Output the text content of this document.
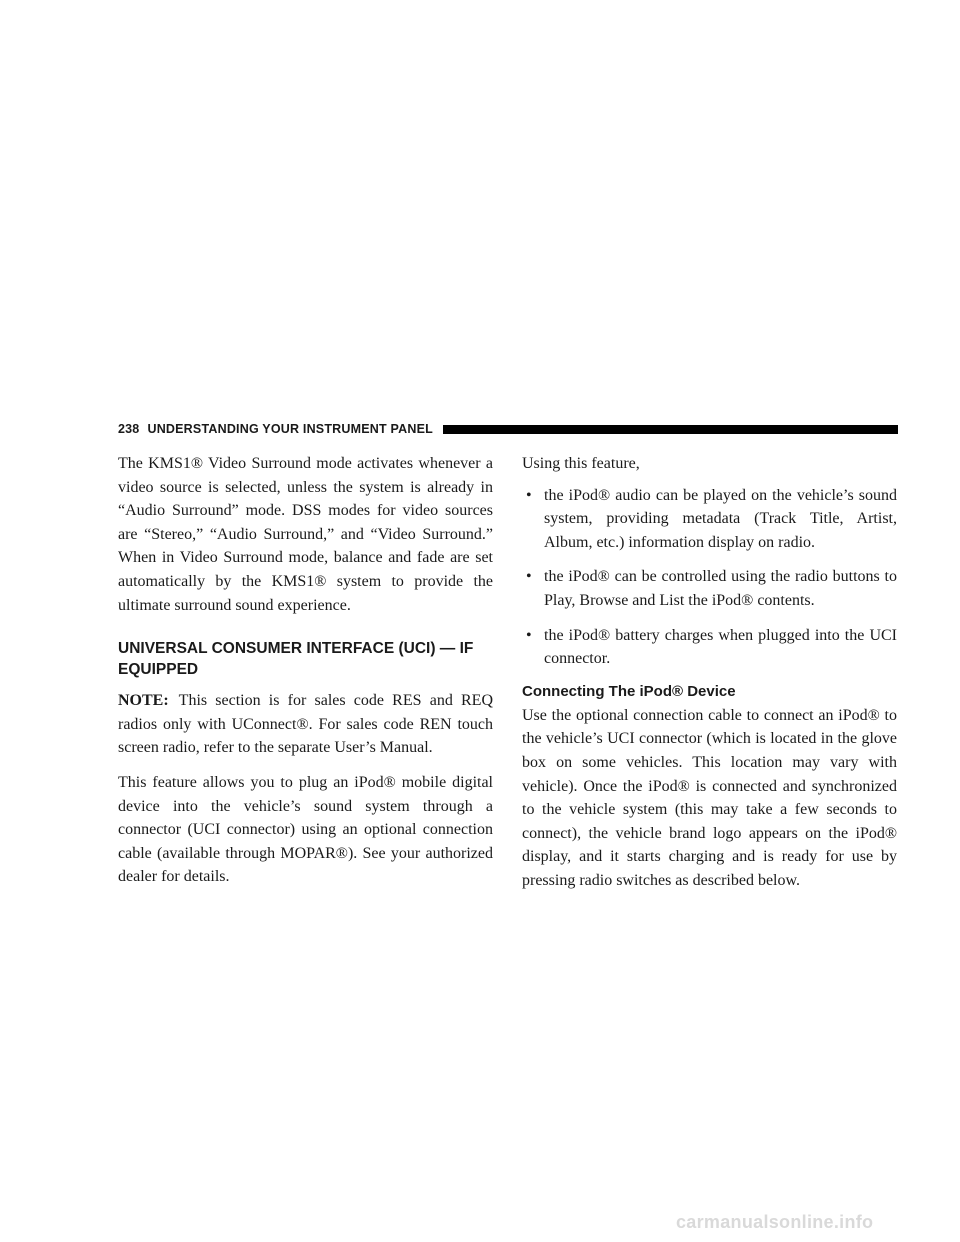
238 UNDERSTANDING YOUR INSTRUMENT PANEL

The KMS1® Video Surround mode activates whenever a video source is selected, unless the system is already in “Audio Surround” mode. DSS modes for video sources are “Stereo,” “Audio Surround,” and “Video Surround.” When in Video Surround mode, balance and fade are set automatically by the KMS1® system to provide the ultimate surround sound experience.

UNIVERSAL CONSUMER INTERFACE (UCI) — IF EQUIPPED

NOTE: This section is for sales code RES and REQ radios only with UConnect®. For sales code REN touch screen radio, refer to the separate User’s Manual.

This feature allows you to plug an iPod® mobile digital device into the vehicle’s sound system through a connector (UCI connector) using an optional connection cable (available through MOPAR®). See your authorized dealer for details.

Using this feature,

• the iPod® audio can be played on the vehicle’s sound system, providing metadata (Track Title, Artist, Album, etc.) information display on radio.
• the iPod® can be controlled using the radio buttons to Play, Browse and List the iPod® contents.
• the iPod® battery charges when plugged into the UCI connector.
Connecting The iPod® Device

Use the optional connection cable to connect an iPod® to the vehicle’s UCI connector (which is located in the glove box on some vehicles. This location may vary with vehicle). Once the iPod® is connected and synchronized to the vehicle system (this may take a few seconds to connect), the vehicle brand logo appears on the iPod® display, and it starts charging and is ready for use by pressing radio switches as described below.

carmanualsonline.info
